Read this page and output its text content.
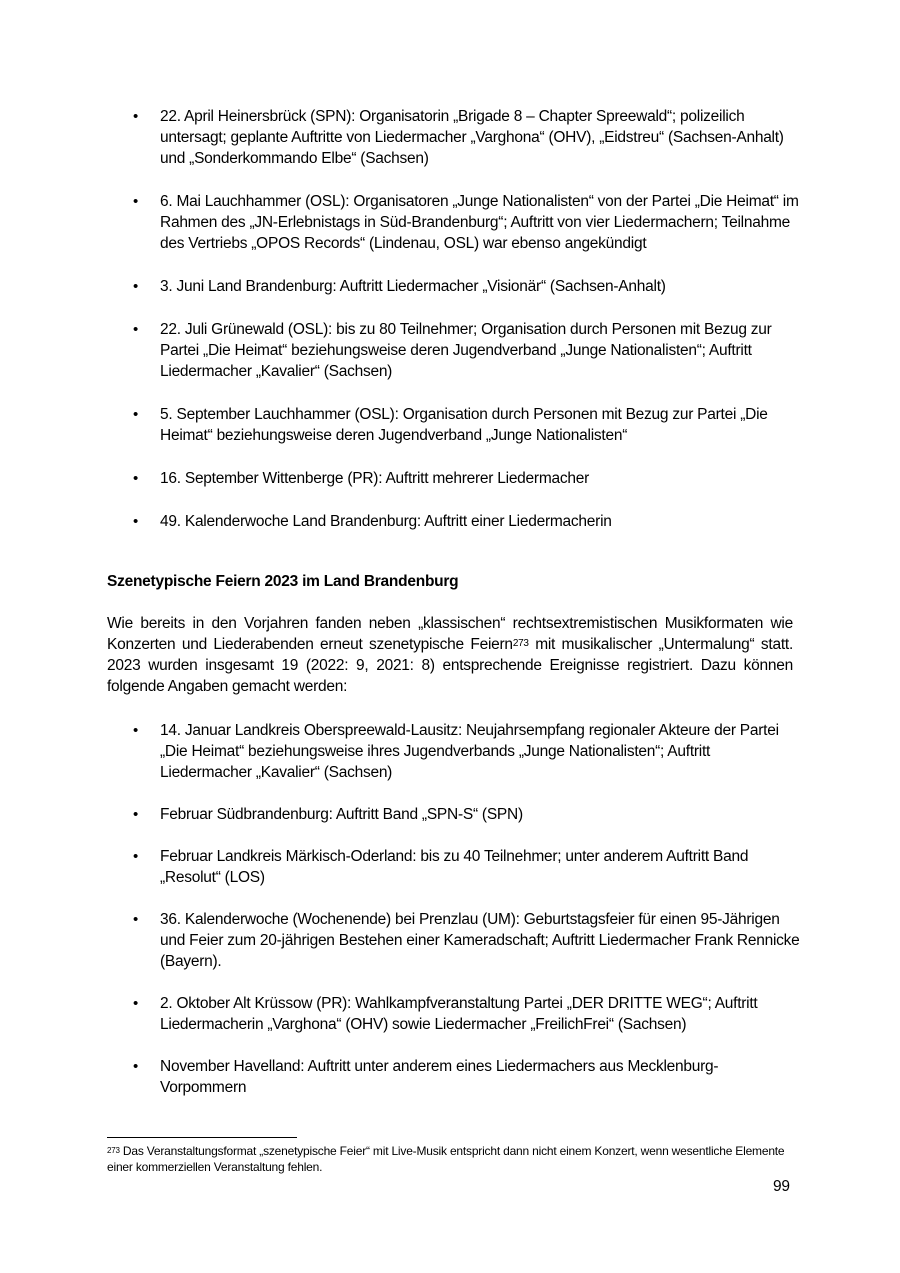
• 22. April Heinersbrück (SPN): Organisatorin „Brigade 8 – Chapter Spreewald“; polizeilich untersagt; geplante Auftritte von Liedermacher „Varghona“ (OHV), „Eidstreu“ (Sachsen-Anhalt) und „Sonderkommando Elbe“ (Sachsen)
• 6. Mai Lauchhammer (OSL): Organisatoren „Junge Nationalisten“ von der Partei „Die Heimat“ im Rahmen des „JN-Erlebnistags in Süd-Brandenburg“; Auftritt von vier Liedermachern; Teilnahme des Vertriebs „OPOS Records“ (Lindenau, OSL) war ebenso angekündigt
• 3. Juni Land Brandenburg: Auftritt Liedermacher „Visionär“ (Sachsen-Anhalt)
• 22. Juli Grünewald (OSL): bis zu 80 Teilnehmer; Organisation durch Personen mit Bezug zur Partei „Die Heimat“ beziehungsweise deren Jugendverband „Junge Nationalisten“; Auftritt Liedermacher „Kavalier“ (Sachsen)
• 5. September Lauchhammer (OSL): Organisation durch Personen mit Bezug zur Partei „Die Heimat“ beziehungsweise deren Jugendverband „Junge Nationalisten“
• 16. September Wittenberge (PR): Auftritt mehrerer Liedermacher
• 49. Kalenderwoche Land Brandenburg: Auftritt einer Liedermacherin
Szenetypische Feiern 2023 im Land Brandenburg

Wie bereits in den Vorjahren fanden neben „klassischen“ rechtsextremistischen Musikformaten wie Konzerten und Liederabenden erneut szenetypische Feiern$^{273}$ mit musikalischer „Untermalung“ statt. 2023 wurden insgesamt 19 (2022: 9, 2021: 8) entsprechende Ereignisse registriert. Dazu können folgende Angaben gemacht werden:

• 14. Januar Landkreis Oberspreewald-Lausitz: Neujahrsempfang regionaler Akteure der Partei „Die Heimat“ beziehungsweise ihres Jugendverbands „Junge Nationalisten“; Auftritt Liedermacher „Kavalier“ (Sachsen)
• Februar Südbrandenburg: Auftritt Band „SPN-S“ (SPN)
• Februar Landkreis Märkisch-Oderland: bis zu 40 Teilnehmer; unter anderem Auftritt Band „Resolut“ (LOS)
• 36. Kalenderwoche (Wochenende) bei Prenzlau (UM): Geburtstagsfeier für einen 95-Jährigen und Feier zum 20-jährigen Bestehen einer Kameradschaft; Auftritt Liedermacher Frank Rennicke (Bayern).
• 2. Oktober Alt Krüssow (PR): Wahlkampfveranstaltung Partei „DER DRITTE WEG“; Auftritt Liedermacherin „Varghona“ (OHV) sowie Liedermacher „FreilichFrei“ (Sachsen)
• November Havelland: Auftritt unter anderem eines Liedermachers aus Mecklenburg-Vorpommern
$^{273}$ Das Veranstaltungsformat „szenetypische Feier“ mit Live-Musik entspricht dann nicht einem Konzert, wenn wesentliche Elemente einer kommerziellen Veranstaltung fehlen.
99
